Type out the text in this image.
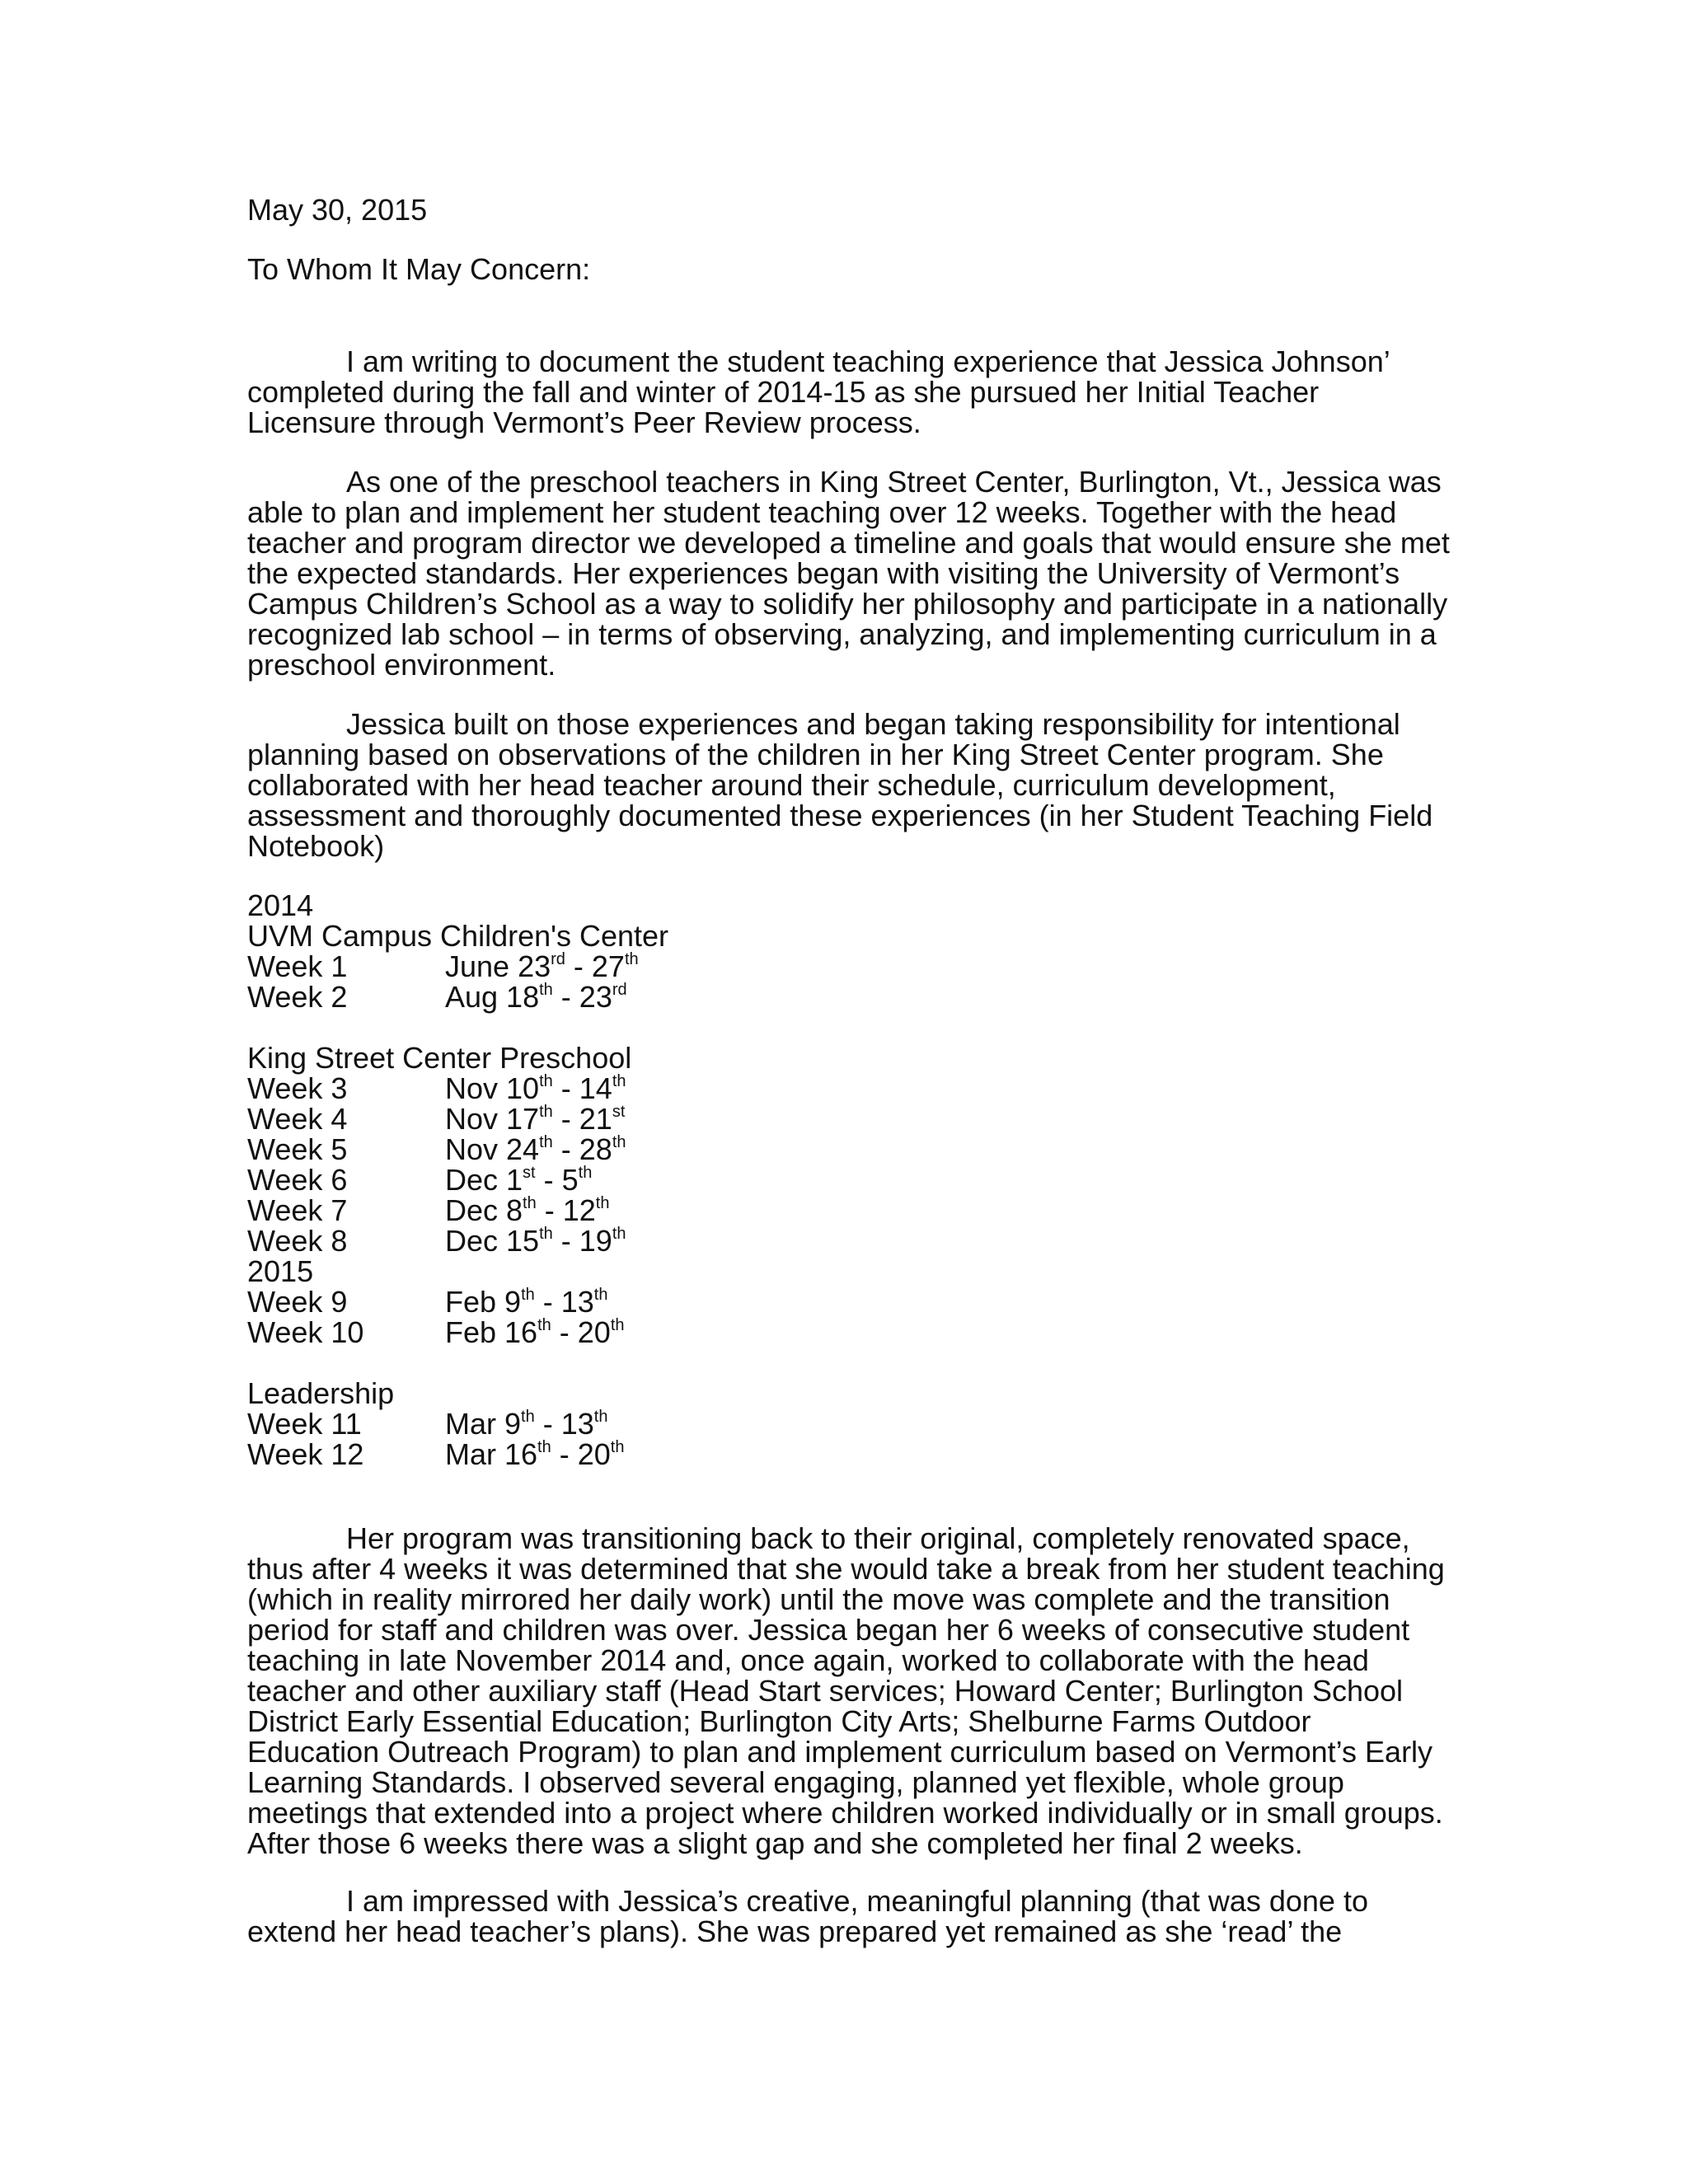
May 30, 2015
To Whom It May Concern:

I am writing to document the student teaching experience that Jessica Johnson’ completed during the fall and winter of 2014-15 as she pursued her Initial Teacher Licensure through Vermont’s Peer Review process.

As one of the preschool teachers in King Street Center, Burlington, Vt., Jessica was able to plan and implement her student teaching over 12 weeks. Together with the head teacher and program director we developed a timeline and goals that would ensure she met the expected standards. Her experiences began with visiting the University of Vermont’s Campus Children’s School as a way to solidify her philosophy and participate in a nationally recognized lab school – in terms of observing, analyzing, and implementing curriculum in a preschool environment.

Jessica built on those experiences and began taking responsibility for intentional planning based on observations of the children in her King Street Center program. She collaborated with her head teacher around their schedule, curriculum development, assessment and thoroughly documented these experiences (in her Student Teaching Field Notebook)

2014
UVM Campus Children's Center
Week 1	June 23rd - 27th
Week 2	Aug 18th - 23rd
King Street Center Preschool
Week 3	Nov 10th - 14th
Week 4	Nov 17th - 21st
Week 5	Nov 24th - 28th
Week 6	Dec 1st - 5th
Week 7	Dec 8th - 12th
Week 8	Dec 15th - 19th
2015
Week 9	Feb 9th - 13th
Week 10	Feb 16th - 20th
Leadership
Week 11	Mar 9th - 13th
Week 12	Mar 16th - 20th

Her program was transitioning back to their original, completely renovated space, thus after 4 weeks it was determined that she would take a break from her student teaching (which in reality mirrored her daily work) until the move was complete and the transition period for staff and children was over. Jessica began her 6 weeks of consecutive student teaching in late November 2014 and, once again, worked to collaborate with the head teacher and other auxiliary staff (Head Start services; Howard Center; Burlington School District Early Essential Education; Burlington City Arts; Shelburne Farms Outdoor Education Outreach Program) to plan and implement curriculum based on Vermont’s Early Learning Standards. I observed several engaging, planned yet flexible, whole group meetings that extended into a project where children worked individually or in small groups. After those 6 weeks there was a slight gap and she completed her final 2 weeks.

I am impressed with Jessica’s creative, meaningful planning (that was done to extend her head teacher’s plans). She was prepared yet remained as she ‘read’ the
